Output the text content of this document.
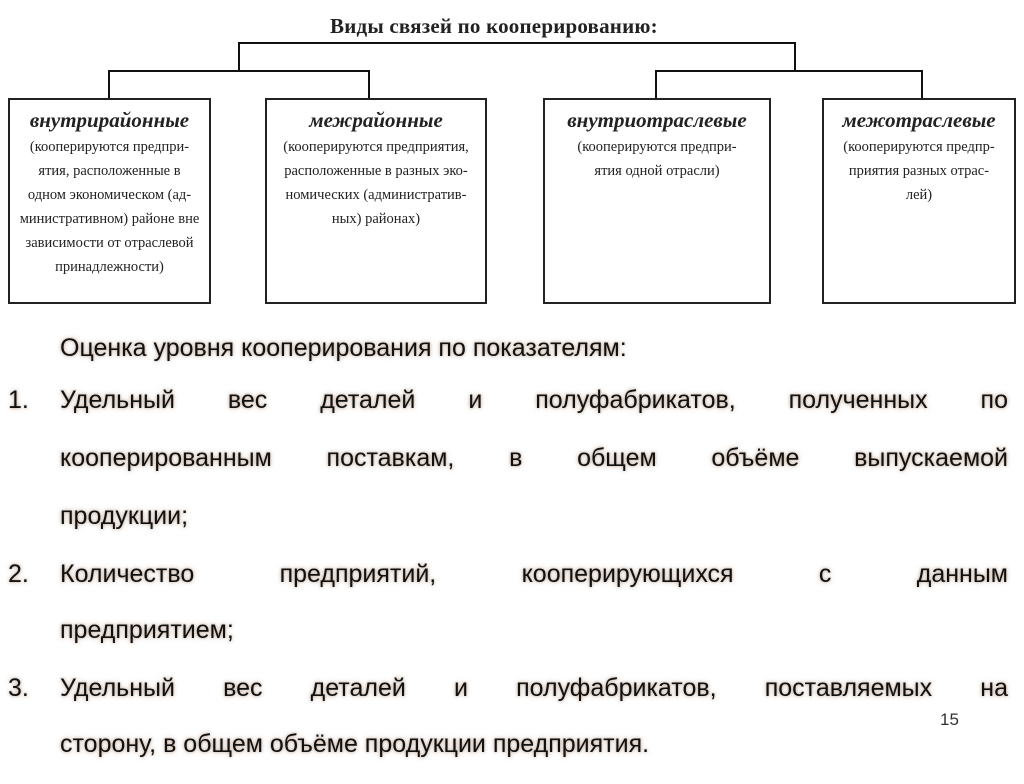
Виды связей по кооперированию:
внутрирайонные
(кооперируются предпри-
ятия, расположенные в
одном экономическом (ад-
министративном) районе вне
зависимости от отраслевой
принадлежности)
межрайонные
(кооперируются предприятия,
расположенные в разных эко-
номических (административ-
ных) районах)
внутриотраслевые
(кооперируются предпри-
ятия одной отрасли)
межотраслевые
(кооперируются предпр-
приятия разных отрас-
лей)
Оценка уровня кооперирования по показателям:
1. Удельный вес деталей и полуфабрикатов, полученных по
кооперированным поставкам, в общем объёме выпускаемой
продукции;
2. Количество предприятий, кооперирующихся с данным
предприятием;
3. Удельный вес деталей и полуфабрикатов, поставляемых на
сторону, в общем объёме продукции предприятия.
15
